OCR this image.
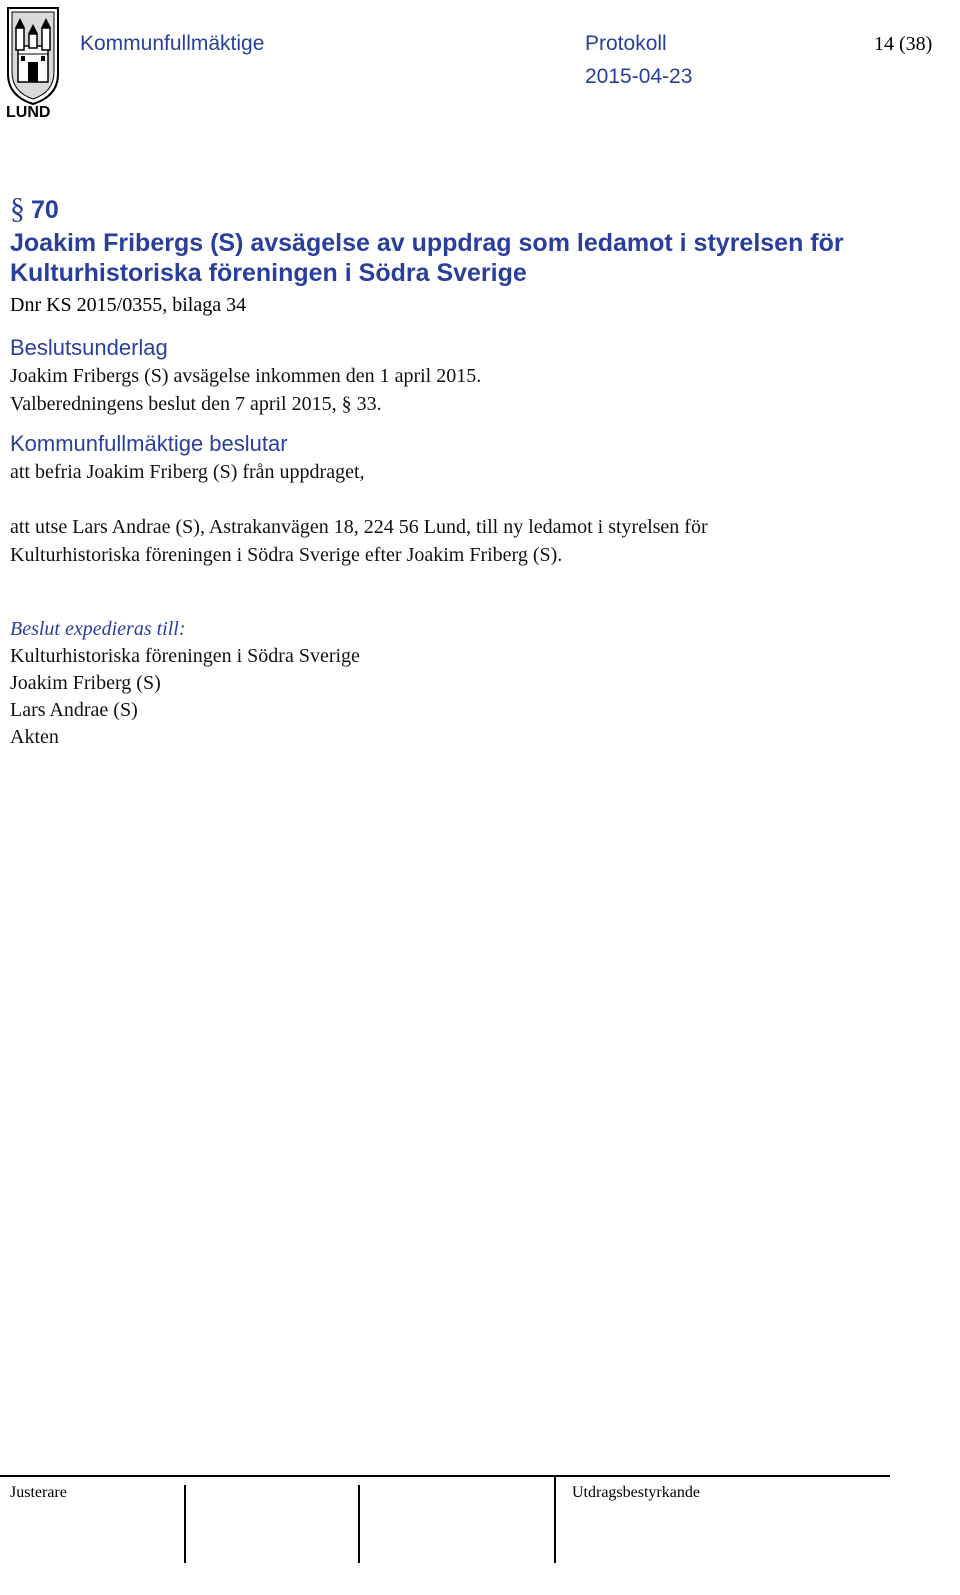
LUND
Kommunfullmäktige	Protokoll	14 (38)
2015-04-23
§ 70
Joakim Fribergs (S) avsägelse av uppdrag som ledamot i styrelsen för
Kulturhistoriska föreningen i Södra Sverige
Dnr KS 2015/0355, bilaga 34
Beslutsunderlag
Joakim Fribergs (S) avsägelse inkommen den 1 april 2015.
Valberedningens beslut den 7 april 2015, § 33.
Kommunfullmäktige beslutar
att befria Joakim Friberg (S) från uppdraget,
att utse Lars Andrae (S), Astrakanvägen 18, 224 56 Lund, till ny ledamot i styrelsen för
Kulturhistoriska föreningen i Södra Sverige efter Joakim Friberg (S).
Beslut expedieras till:
Kulturhistoriska föreningen i Södra Sverige
Joakim Friberg (S)
Lars Andrae (S)
Akten
Justerare	Utdragsbestyrkande
